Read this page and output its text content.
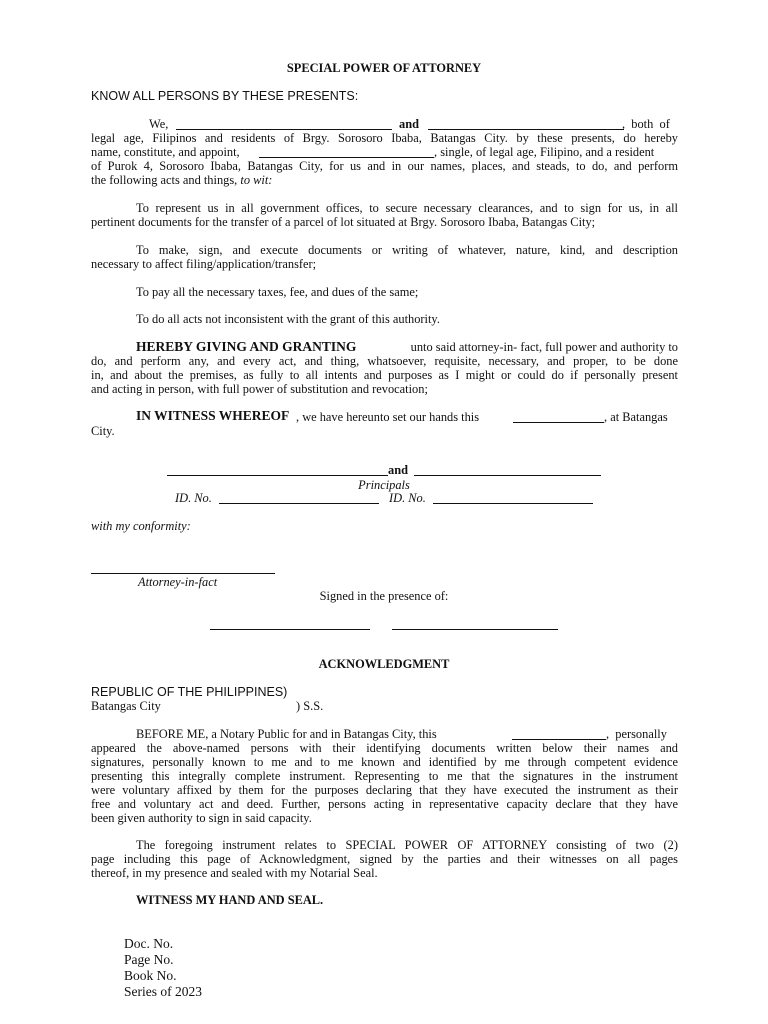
SPECIAL POWER OF ATTORNEY
KNOW ALL PERSONS BY THESE PRESENTS:
We,	and	,  both  of
legal age, Filipinos and residents of Brgy. Sorosoro Ibaba, Batangas City. by these presents, do hereby
name, constitute, and appoint,	, single, of legal age, Filipino, and a resident
of Purok 4, Sorosoro Ibaba, Batangas City, for us and in our names, places, and steads, to do, and perform
the following acts and things, to wit:
To represent us in all government offices, to secure necessary clearances, and to sign for us, in all
pertinent documents for the transfer of a parcel of lot situated at Brgy. Sorosoro Ibaba, Batangas City;
To make, sign, and execute documents or writing of whatever, nature, kind, and description
necessary to affect filing/application/transfer;
To pay all the necessary taxes, fee, and dues of the same;
To do all acts not inconsistent with the grant of this authority.
HEREBY GIVING AND GRANTING	unto said attorney-in- fact, full power and authority to
do, and perform any, and every act, and thing, whatsoever, requisite, necessary, and proper, to be done
in, and about the premises, as fully to all intents and purposes as I might or could do if personally present
and acting in person, with full power of substitution and revocation;
IN WITNESS WHEREOF , we have hereunto set our hands this	, at Batangas
City.
and
Principals
ID. No.	ID. No.
with my conformity:
Attorney-in-fact
Signed in the presence of:
ACKNOWLEDGMENT
REPUBLIC OF THE PHILIPPINES)
Batangas City	) S.S.
BEFORE ME, a Notary Public for and in Batangas City, this	,  personally
appeared the above-named persons with their identifying documents written below their names and
signatures, personally known to me and to me known and identified by me through competent evidence
presenting this integrally complete instrument. Representing to me that the signatures in the instrument
were voluntary affixed by them for the purposes declaring that they have executed the instrument as their
free and voluntary act and deed. Further, persons acting in representative capacity declare that they have
been given authority to sign in said capacity.
The foregoing instrument relates to SPECIAL POWER OF ATTORNEY consisting of two (2)
page including this page of Acknowledgment, signed by the parties and their witnesses on all pages
thereof, in my presence and sealed with my Notarial Seal.
WITNESS MY HAND AND SEAL.
Doc. No.
Page No.
Book No.
Series of 2023
